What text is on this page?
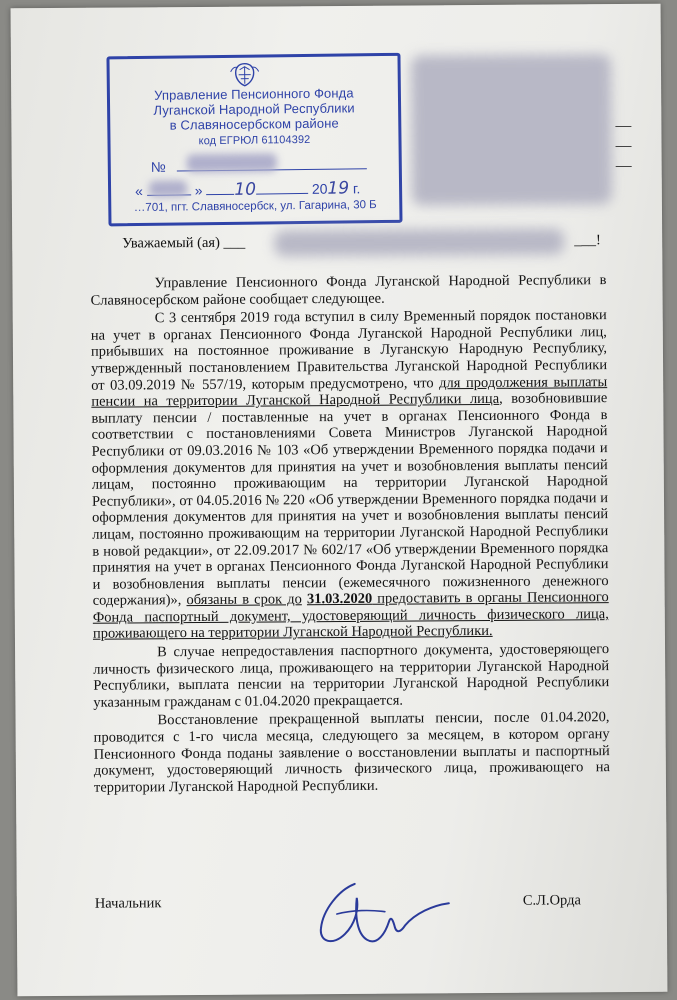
Управление Пенсионного Фонда
Луганской Народной Республики
в Славяносербском районе
код ЕГРЮЛ 61104392
№
«	» 10	2019 г.
…701, пгт. Славяносербск, ул. Гагарина, 30 Б
Уважаемый (ая) ___	___!

Управление Пенсионного Фонда Луганской Народной Республики в Славяносербском районе сообщает следующее.

С 3 сентября 2019 года вступил в силу Временный порядок постановки на учет в органах Пенсионного Фонда Луганской Народной Республики лиц, прибывших на постоянное проживание в Луганскую Народную Республику, утвержденный постановлением Правительства Луганской Народной Республики от 03.09.2019 № 557/19, которым предусмотрено, что для продолжения выплаты пенсии на территории Луганской Народной Республики лица, возобновившие выплату пенсии / поставленные на учет в органах Пенсионного Фонда в соответствии с постановлениями Совета Министров Луганской Народной Республики от 09.03.2016 № 103 «Об утверждении Временного порядка подачи и оформления документов для принятия на учет и возобновления выплаты пенсий лицам, постоянно проживающим на территории Луганской Народной Республики», от 04.05.2016 № 220 «Об утверждении Временного порядка подачи и оформления документов для принятия на учет и возобновления выплаты пенсий лицам, постоянно проживающим на территории Луганской Народной Республики в новой редакции», от 22.09.2017 № 602/17 «Об утверждении Временного порядка принятия на учет в органах Пенсионного Фонда Луганской Народной Республики и возобновления выплаты пенсии (ежемесячного пожизненного денежного содержания)», обязаны в срок до 31.03.2020 предоставить в органы Пенсионного Фонда паспортный документ, удостоверяющий личность физического лица, проживающего на территории Луганской Народной Республики.

В случае непредоставления паспортного документа, удостоверяющего личность физического лица, проживающего на территории Луганской Народной Республики, выплата пенсии на территории Луганской Народной Республики указанным гражданам с 01.04.2020 прекращается.

Восстановление прекращенной выплаты пенсии, после 01.04.2020, проводится с 1-го числа месяца, следующего за месяцем, в котором органу Пенсионного Фонда поданы заявление о восстановлении выплаты и паспортный документ, удостоверяющий личность физического лица, проживающего на территории Луганской Народной Республики.

Начальник	С.Л.Орда
